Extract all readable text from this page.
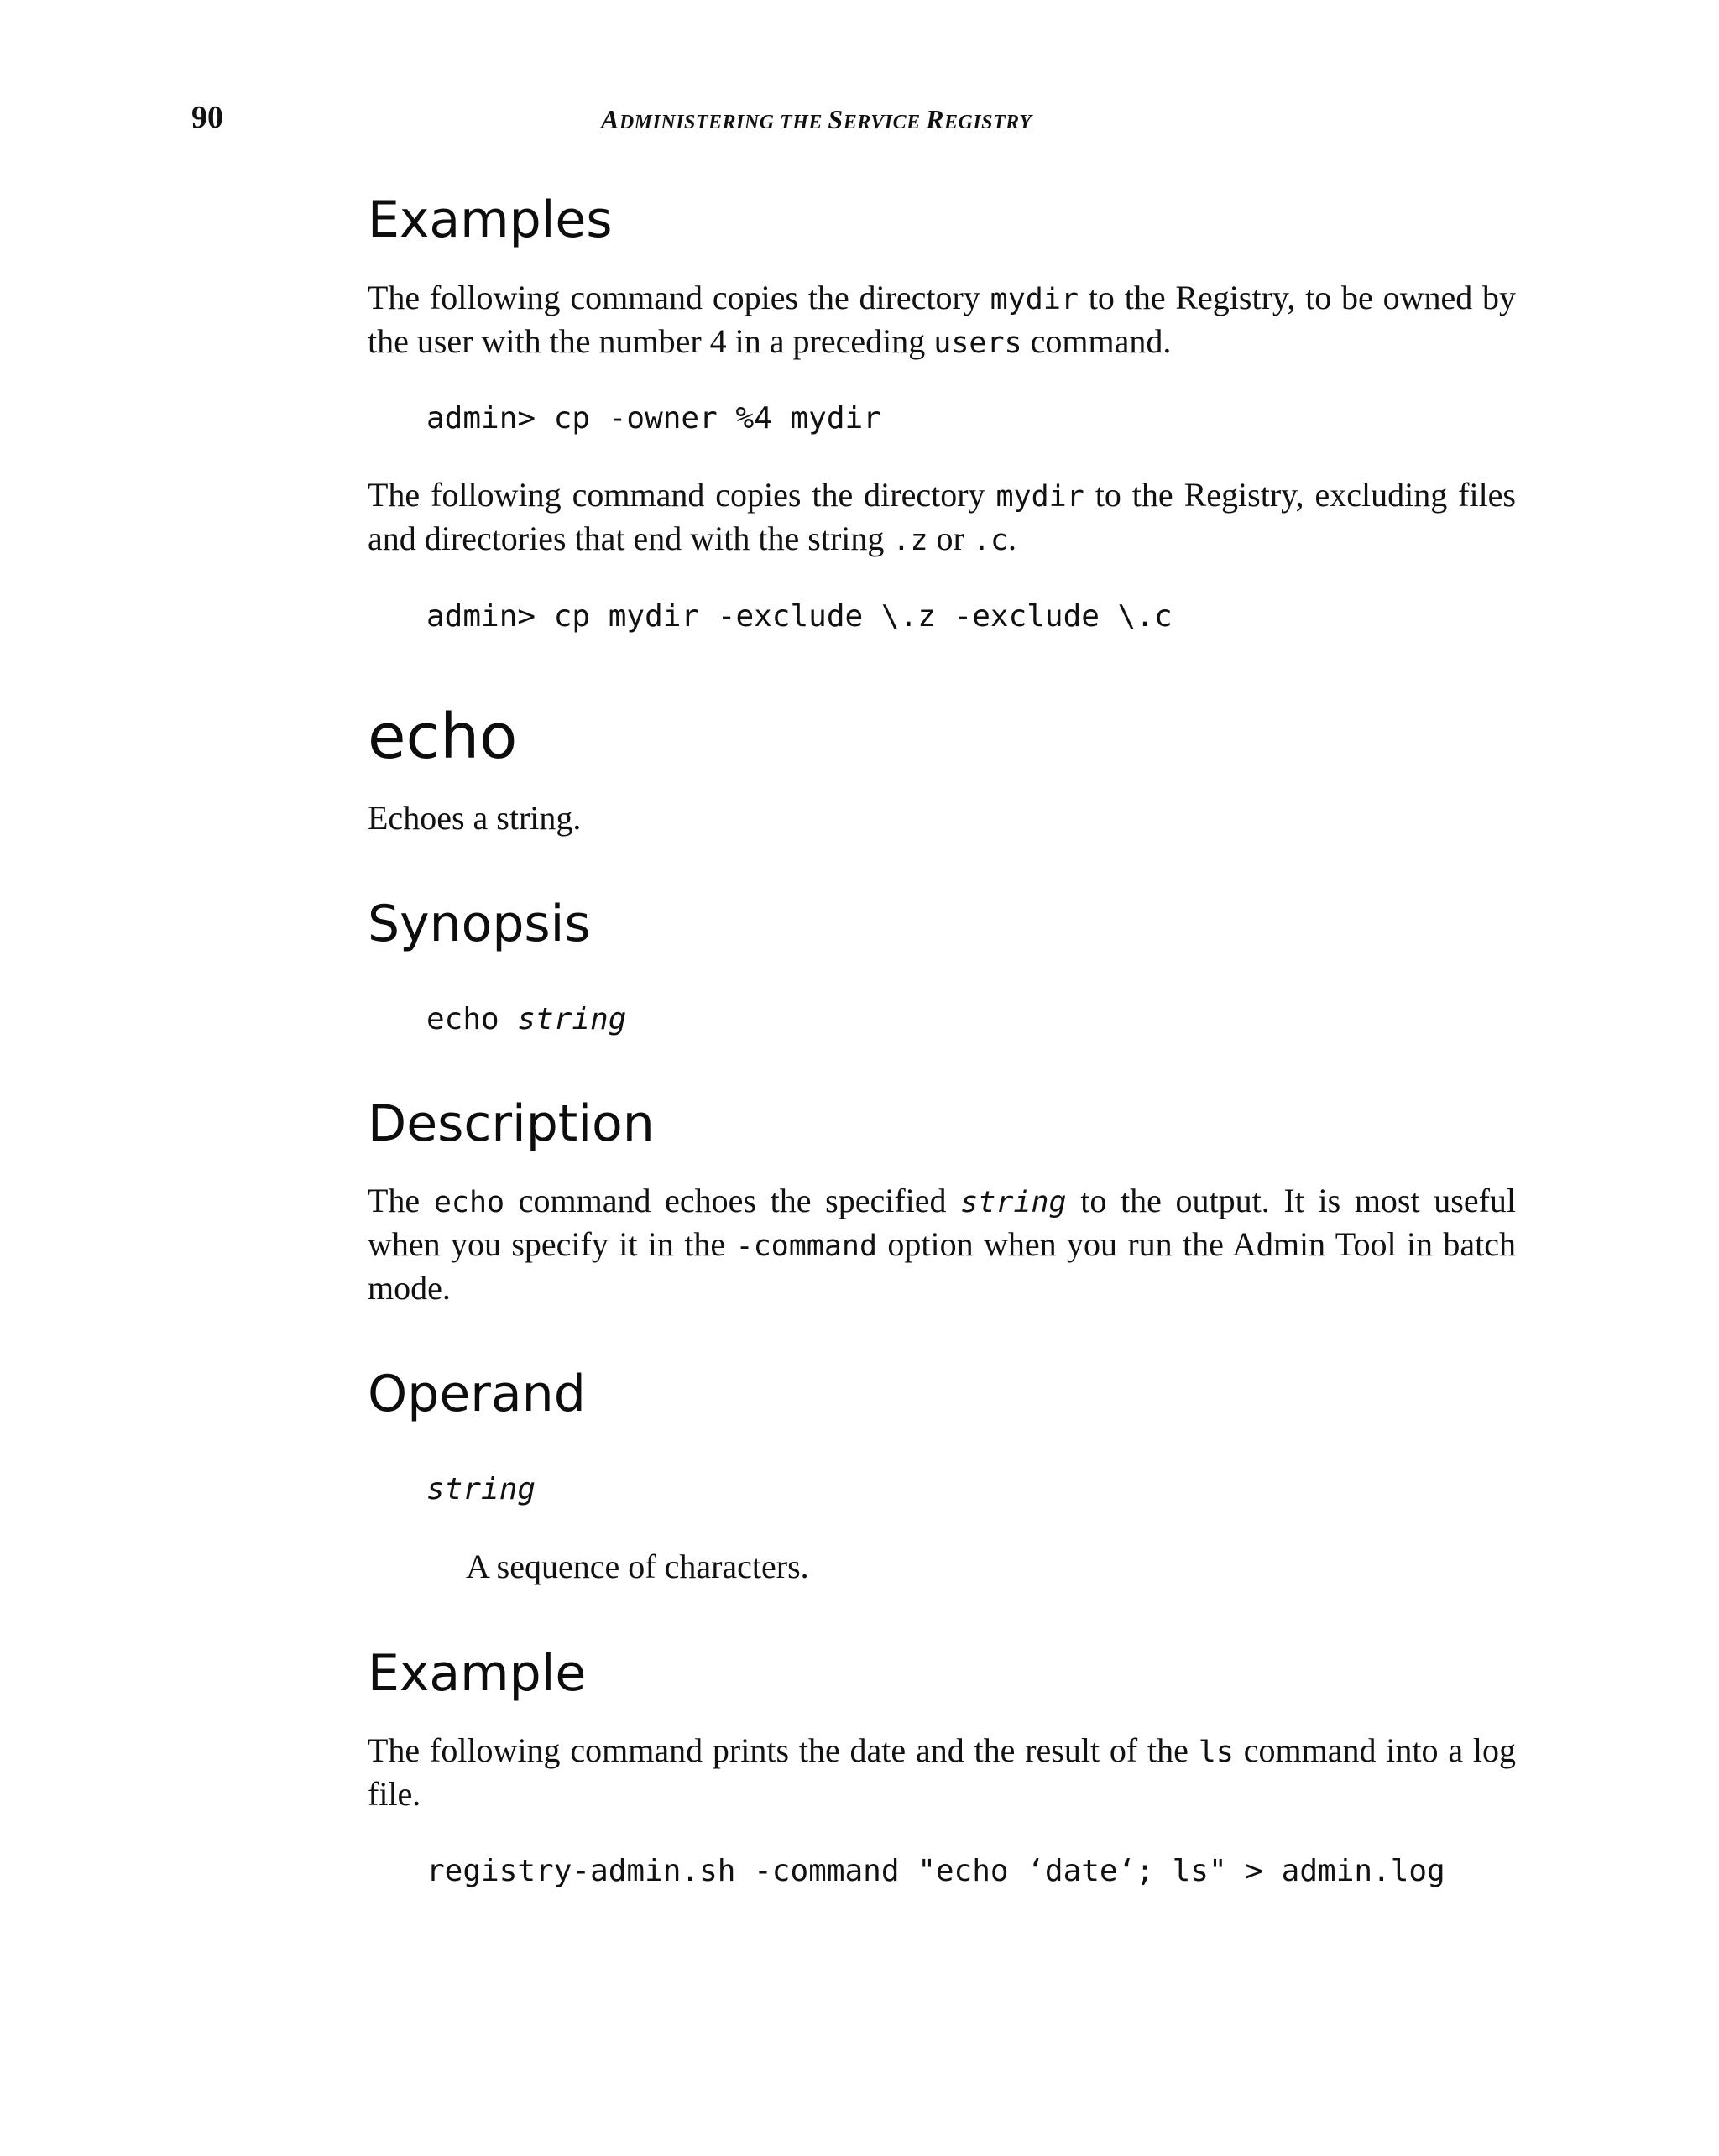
90	ADMINISTERING THE SERVICE REGISTRY
Examples
The following command copies the directory mydir to the Registry, to be owned by the user with the number 4 in a preceding users command.
admin> cp -owner %4 mydir
The following command copies the directory mydir to the Registry, excluding files and directories that end with the string .z or .c.
admin> cp mydir -exclude \.z -exclude \.c
echo
Echoes a string.
Synopsis
echo string
Description
The echo command echoes the specified string to the output. It is most useful when you specify it in the -command option when you run the Admin Tool in batch mode.
Operand
string
A sequence of characters.
Example
The following command prints the date and the result of the ls command into a log file.
registry-admin.sh -command "echo ‘date‘; ls" > admin.log
